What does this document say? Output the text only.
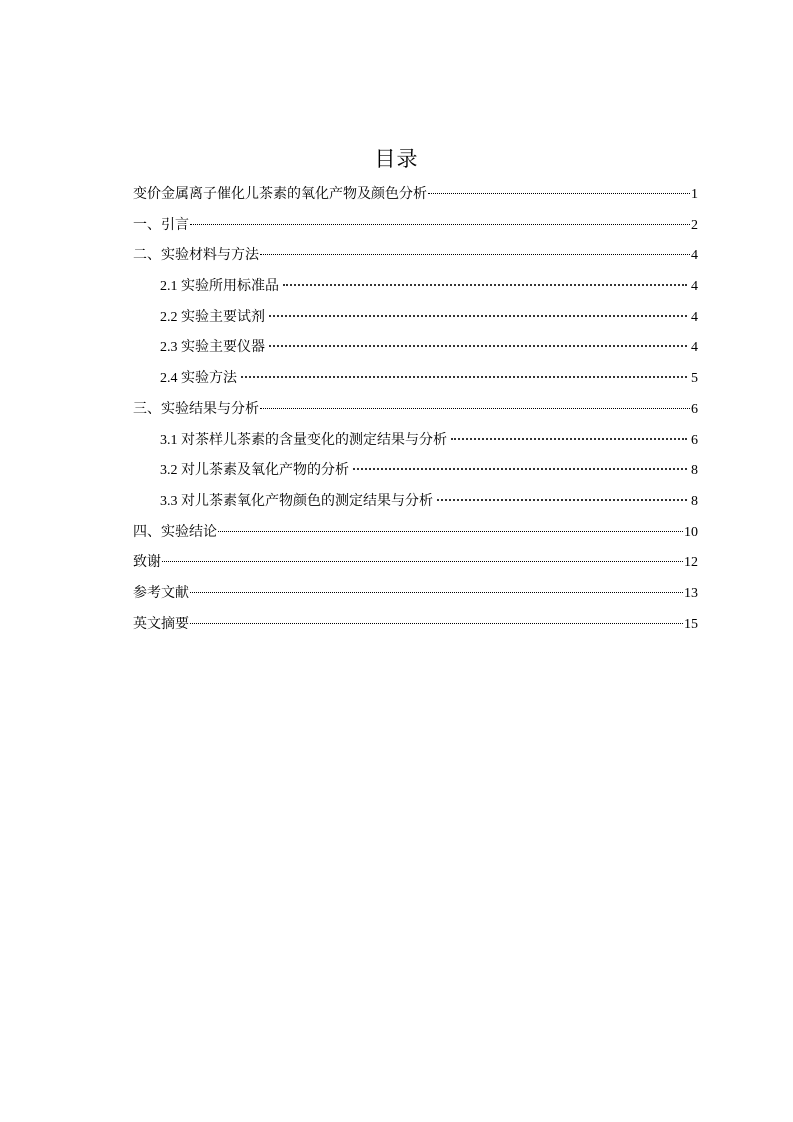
目录
变价金属离子催化儿茶素的氧化产物及颜色分析	1
一、引言	2
二、实验材料与方法	4
2.1 实验所用标准品	4
2.2 实验主要试剂	4
2.3 实验主要仪器	4
2.4 实验方法	5
三、实验结果与分析	6
3.1 对茶样儿茶素的含量变化的测定结果与分析	6
3.2 对儿茶素及氧化产物的分析	8
3.3 对儿茶素氧化产物颜色的测定结果与分析	8
四、实验结论	10
致谢	12
参考文献	13
英文摘要	15
